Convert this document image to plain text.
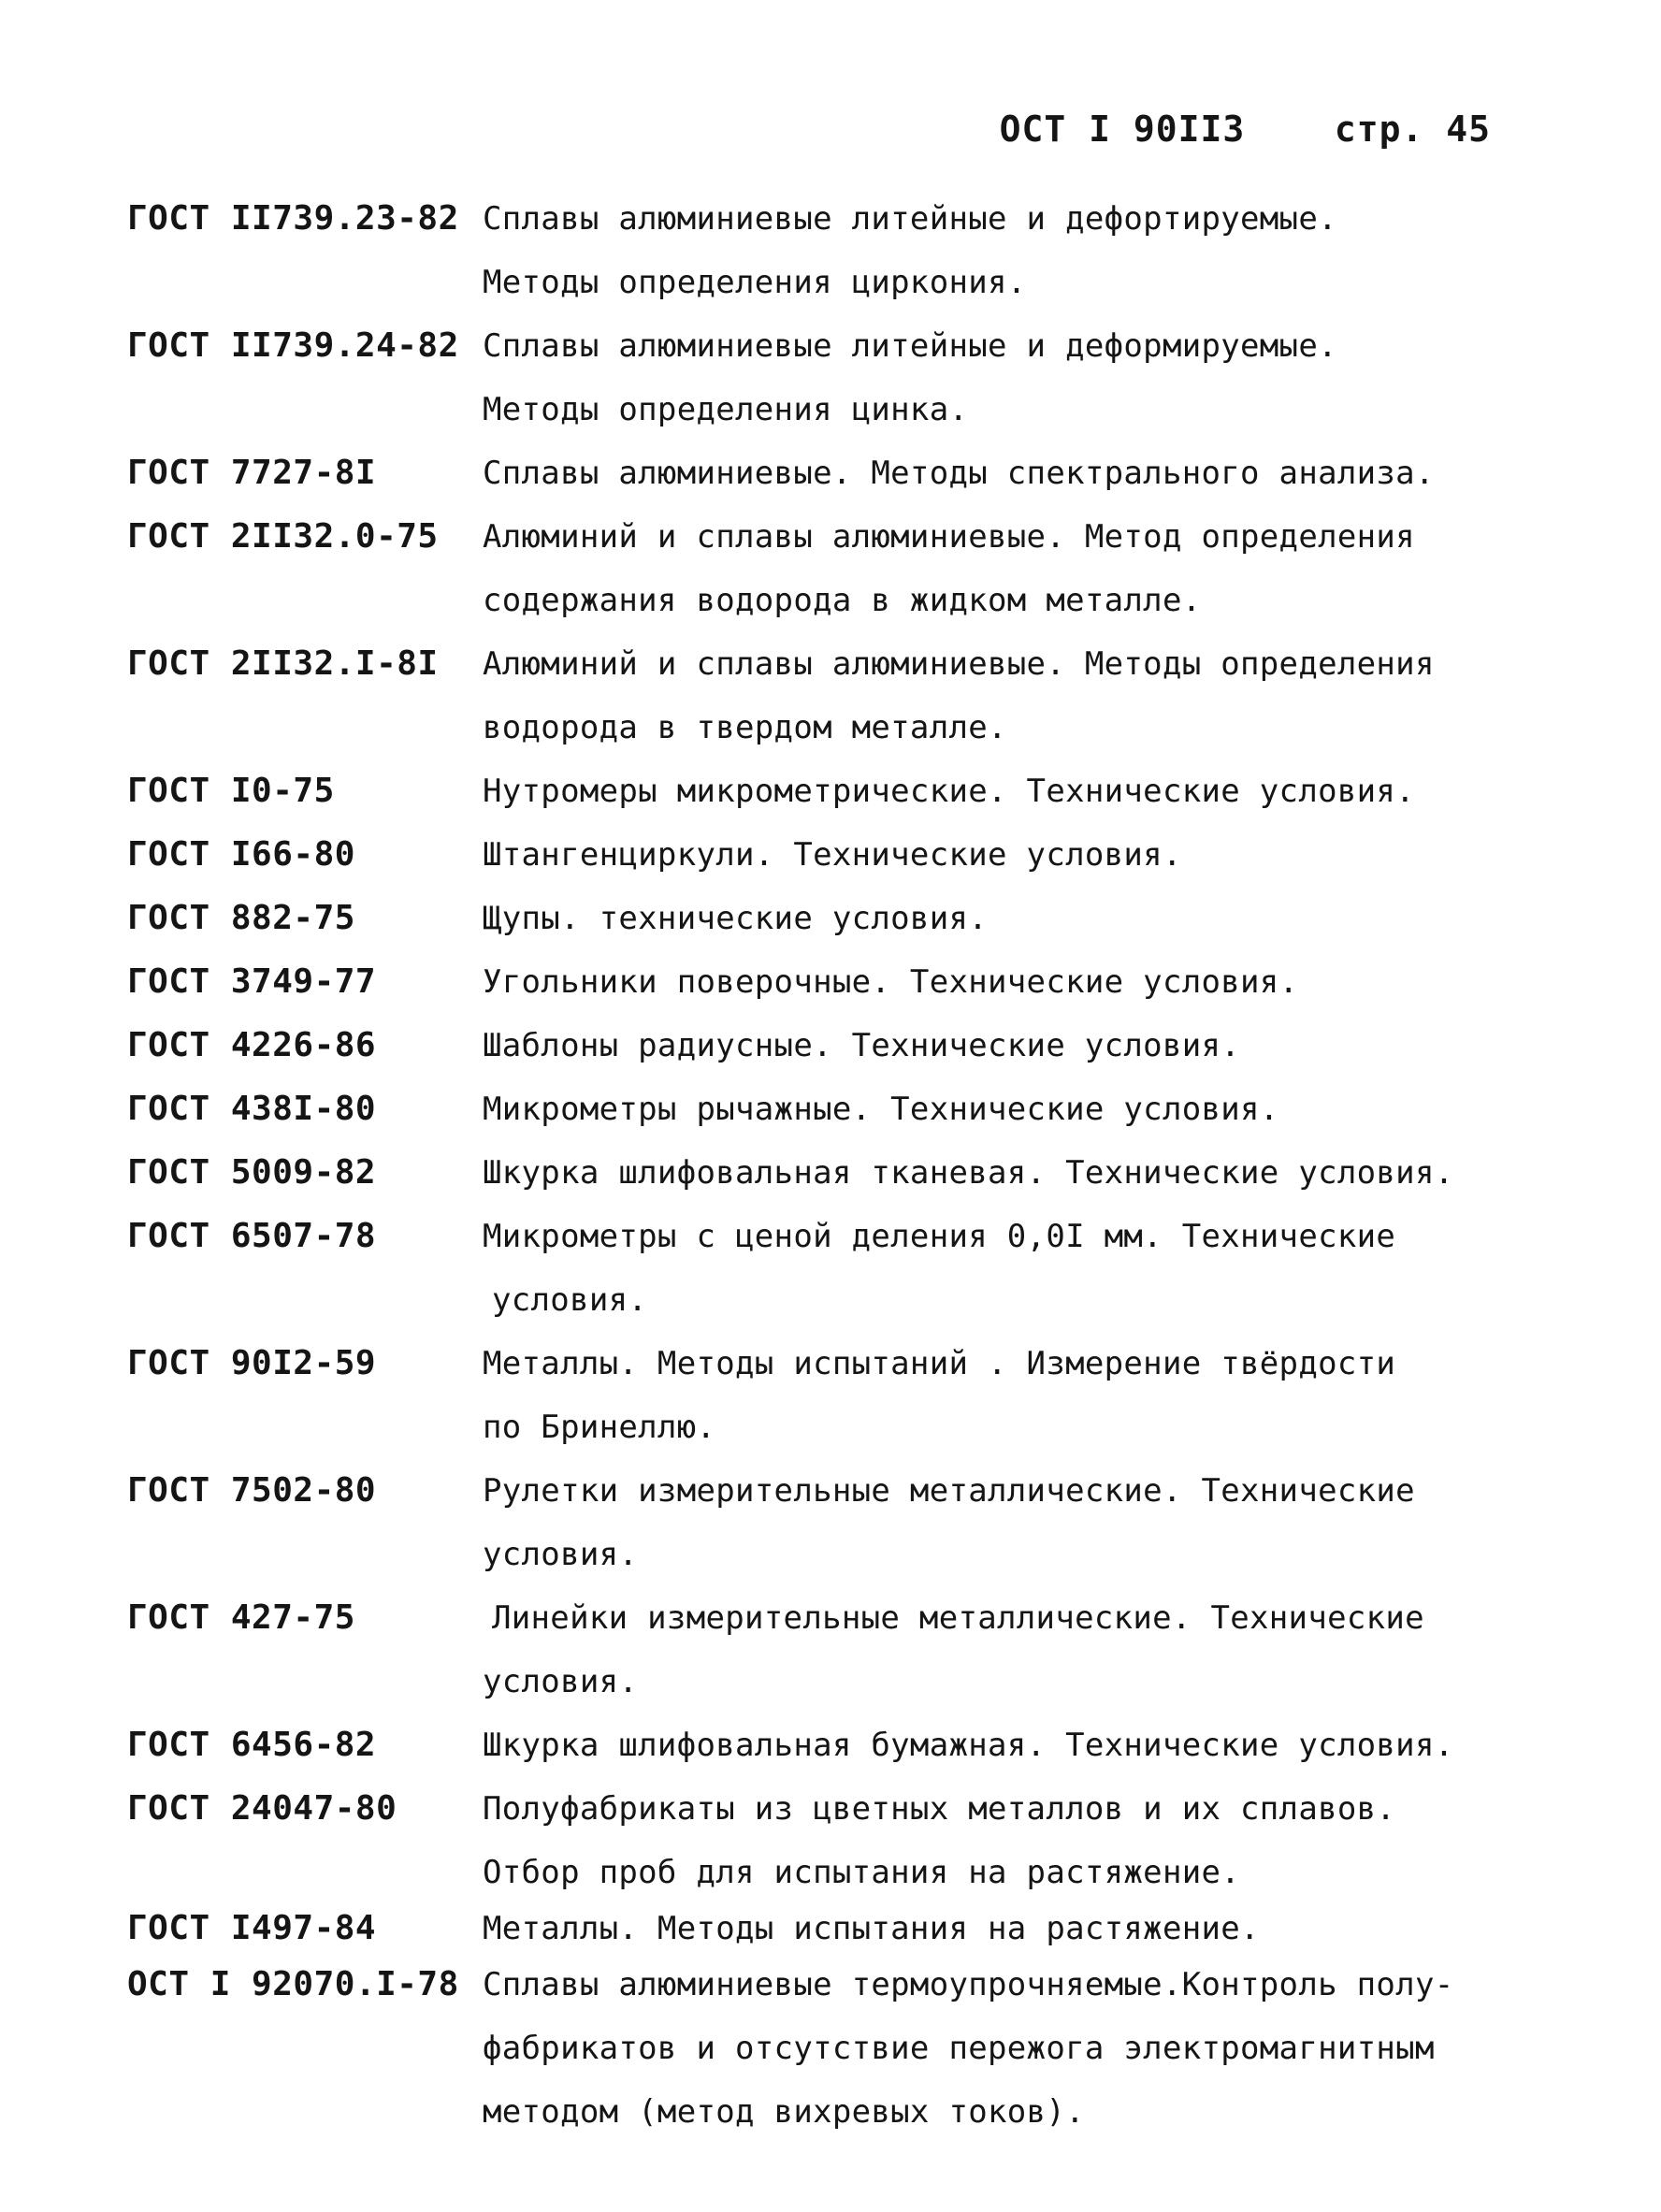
ОСТ I 90II3	стр. 45
ГОСТ II739.23-82 Сплавы алюминиевые литейные и дефортируемые.
Методы определения циркония.
ГОСТ II739.24-82 Сплавы алюминиевые литейные и деформируемые.
Методы определения цинка.
ГОСТ 7727-8I	Сплавы алюминиевые. Методы спектрального анализа.
ГОСТ 2II32.0-75	Алюминий и сплавы алюминиевые. Метод определения
содержания водорода в жидком металле.
ГОСТ 2II32.I-8I	Алюминий и сплавы алюминиевые. Методы определения
водорода в твердом металле.
ГОСТ I0-75	Нутромеры микрометрические. Технические условия.
ГОСТ I66-80	Штангенциркули. Технические условия.
ГОСТ 882-75	Щупы. технические условия.
ГОСТ 3749-77	Угольники поверочные. Технические условия.
ГОСТ 4226-86	Шаблоны радиусные. Технические условия.
ГОСТ 438I-80	Микрометры рычажные. Технические условия.
ГОСТ 5009-82	Шкурка шлифовальная тканевая. Технические условия.
ГОСТ 6507-78	Микрометры с ценой деления 0,0I мм. Технические
условия.
ГОСТ 90I2-59	Металлы. Методы испытаний . Измерение твёрдости
по Бринеллю.
ГОСТ 7502-80	Рулетки измерительные металлические. Технические
условия.
ГОСТ 427-75	Линейки измерительные металлические. Технические
условия.
ГОСТ 6456-82	Шкурка шлифовальная бумажная. Технические условия.
ГОСТ 24047-80	Полуфабрикаты из цветных металлов и их сплавов.
Отбор проб для испытания на растяжение.
ГОСТ I497-84	Металлы. Методы испытания на растяжение.
ОСТ I 92070.I-78 Сплавы алюминиевые термоупрочняемые.Контроль полу-
фабрикатов и отсутствие пережога электромагнитным
методом (метод вихревых токов).
